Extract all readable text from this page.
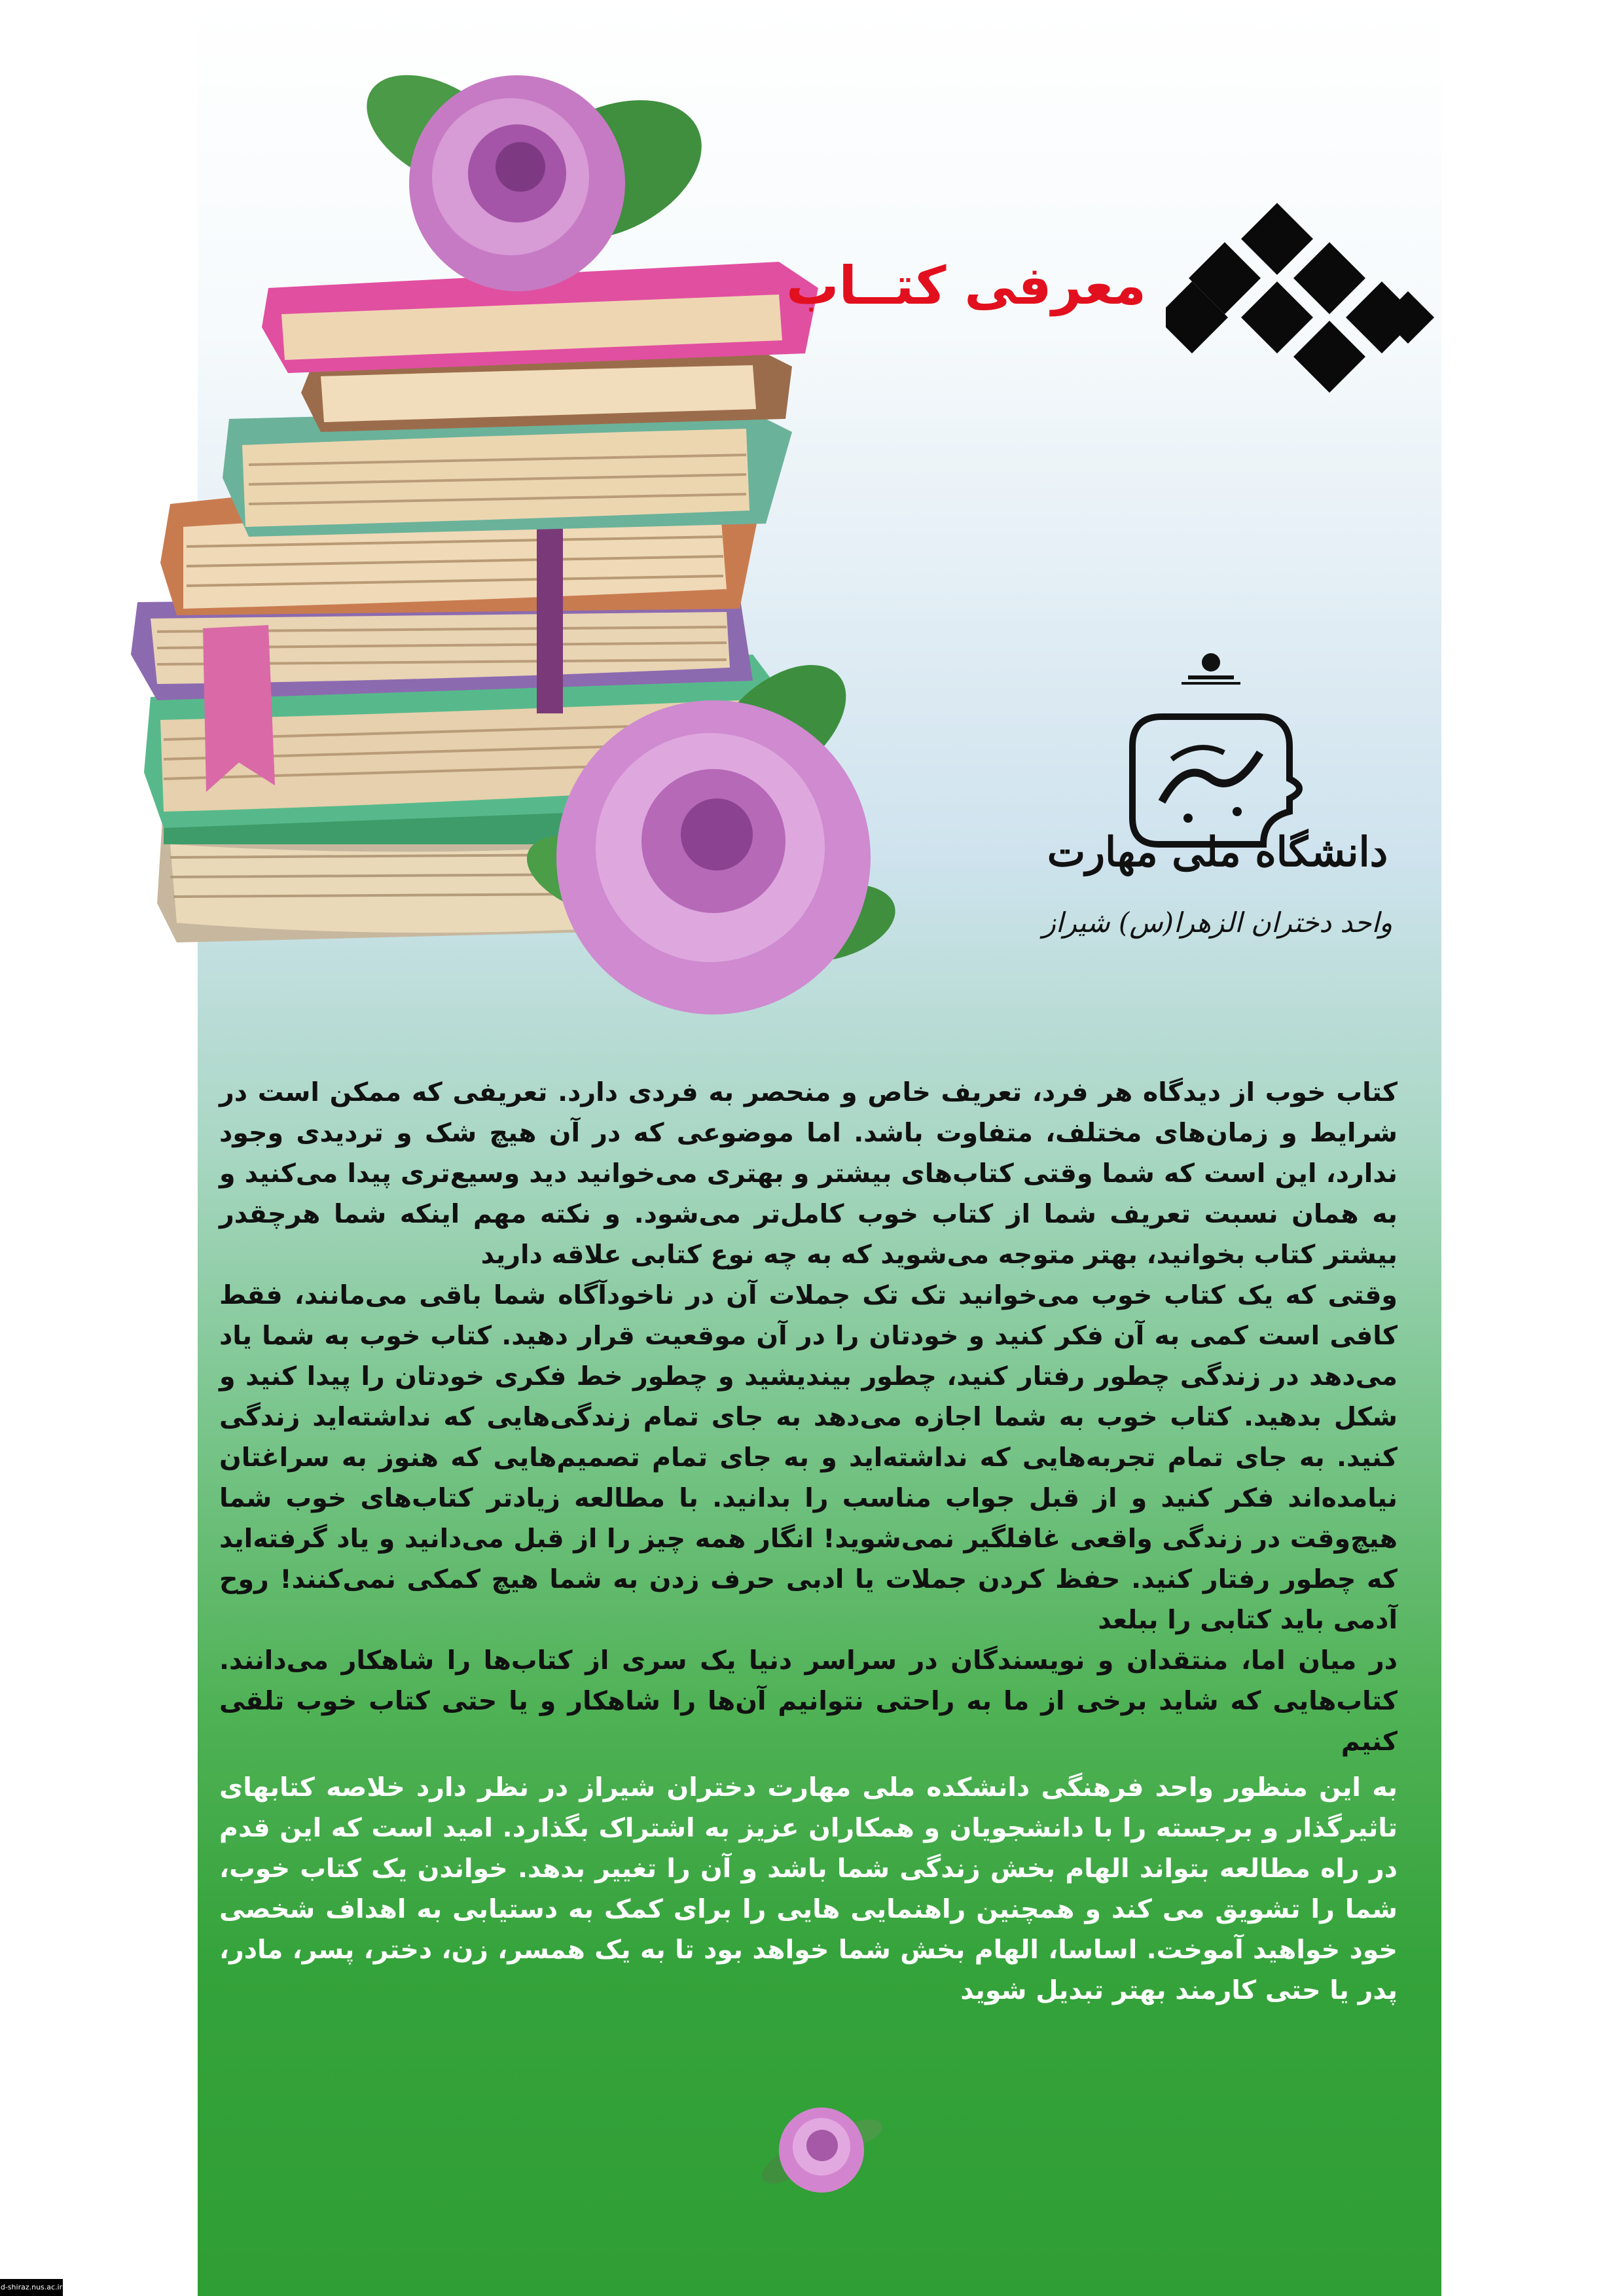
معرفی کتــاب
دانشگاه ملی مهارت
واحد دختران الزهرا(س) شیراز

کتاب خوب از دیدگاه هر فرد، تعریف خاص و منحصر به فردی دارد. تعریفی که ممکن است در شرایط و زمان‌های مختلف، متفاوت باشد. اما موضوعی که در آن هیچ شک و تردیدی وجود ندارد، این است که شما وقتی کتاب‌های بیشتر و بهتری می‌خوانید دید وسیع‌تری پیدا می‌کنید و به همان نسبت تعریف شما از کتاب خوب کامل‌تر می‌شود. و نکته مهم اینکه شما هرچقدر بیشتر کتاب بخوانید، بهتر متوجه می‌شوید که به چه نوع کتابی علاقه دارید

وقتی که یک کتاب خوب می‌خوانید تک تک جملات آن در ناخودآگاه شما باقی می‌مانند، فقط کافی است کمی به آن فکر کنید و خودتان را در آن موقعیت قرار دهید. کتاب خوب به شما یاد می‌دهد در زندگی چطور رفتار کنید، چطور بیندیشید و چطور خط فکری خودتان را پیدا کنید و شکل بدهید. کتاب خوب به شما اجازه می‌دهد به جای تمام زندگی‌هایی که نداشته‌اید زندگی کنید. به جای تمام تجربه‌هایی که نداشته‌اید و به جای تمام تصمیم‌هایی که هنوز به سراغتان نیامده‌اند فکر کنید و از قبل جواب مناسب را بدانید. با مطالعه زیادتر کتاب‌های خوب شما هیچ‌وقت در زندگی واقعی غافلگیر نمی‌شوید! انگار همه چیز را از قبل می‌دانید و یاد گرفته‌اید که چطور رفتار کنید. حفظ کردن جملات یا ادبی حرف زدن به شما هیچ کمکی نمی‌کنند! روح آدمی باید کتابی را ببلعد

در میان اما، منتقدان و نویسندگان در سراسر دنیا یک سری از کتاب‌ها را شاهکار می‌دانند. کتاب‌هایی که شاید برخی از ما به راحتی نتوانیم آن‌ها را شاهکار و یا حتی کتاب خوب تلقی کنیم

به این منظور واحد فرهنگی دانشکده ملی مهارت دختران شیراز در نظر دارد خلاصه کتابهای تاثیرگذار و برجسته را با دانشجویان و همکاران عزیز به اشتراک بگذارد. امید است که این قدم در راه مطالعه بتواند الهام بخش زندگی شما باشد و آن را تغییر بدهد. خواندن یک کتاب خوب، شما را تشویق می کند و همچنین راهنمایی هایی را برای کمک به دستیابی به اهداف شخصی خود خواهید آموخت. اساسا، الهام بخش شما خواهد بود تا به یک همسر، زن، دختر، پسر، مادر، پدر یا حتی کارمند بهتر تبدیل شوید

d-shiraz.nus.ac.ir
